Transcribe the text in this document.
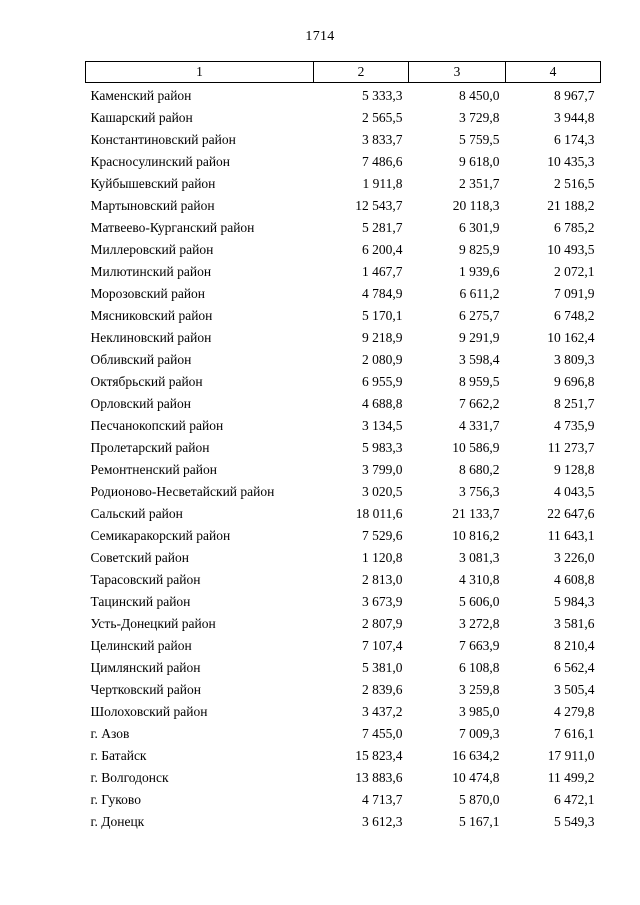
1714
1	2	3	4
Каменский район	5 333,3	8 450,0	8 967,7
Кашарский район	2 565,5	3 729,8	3 944,8
Константиновский район	3 833,7	5 759,5	6 174,3
Красносулинский район	7 486,6	9 618,0	10 435,3
Куйбышевский район	1 911,8	2 351,7	2 516,5
Мартыновский район	12 543,7	20 118,3	21 188,2
Матвеево-Курганский район	5 281,7	6 301,9	6 785,2
Миллеровский район	6 200,4	9 825,9	10 493,5
Милютинский район	1 467,7	1 939,6	2 072,1
Морозовский район	4 784,9	6 611,2	7 091,9
Мясниковский район	5 170,1	6 275,7	6 748,2
Неклиновский район	9 218,9	9 291,9	10 162,4
Обливский район	2 080,9	3 598,4	3 809,3
Октябрьский район	6 955,9	8 959,5	9 696,8
Орловский район	4 688,8	7 662,2	8 251,7
Песчанокопский район	3 134,5	4 331,7	4 735,9
Пролетарский район	5 983,3	10 586,9	11 273,7
Ремонтненский район	3 799,0	8 680,2	9 128,8
Родионово-Несветайский район	3 020,5	3 756,3	4 043,5
Сальский район	18 011,6	21 133,7	22 647,6
Семикаракорский район	7 529,6	10 816,2	11 643,1
Советский район	1 120,8	3 081,3	3 226,0
Тарасовский район	2 813,0	4 310,8	4 608,8
Тацинский район	3 673,9	5 606,0	5 984,3
Усть-Донецкий район	2 807,9	3 272,8	3 581,6
Целинский район	7 107,4	7 663,9	8 210,4
Цимлянский район	5 381,0	6 108,8	6 562,4
Чертковский район	2 839,6	3 259,8	3 505,4
Шолоховский район	3 437,2	3 985,0	4 279,8
г. Азов	7 455,0	7 009,3	7 616,1
г. Батайск	15 823,4	16 634,2	17 911,0
г. Волгодонск	13 883,6	10 474,8	11 499,2
г. Гуково	4 713,7	5 870,0	6 472,1
г. Донецк	3 612,3	5 167,1	5 549,3
